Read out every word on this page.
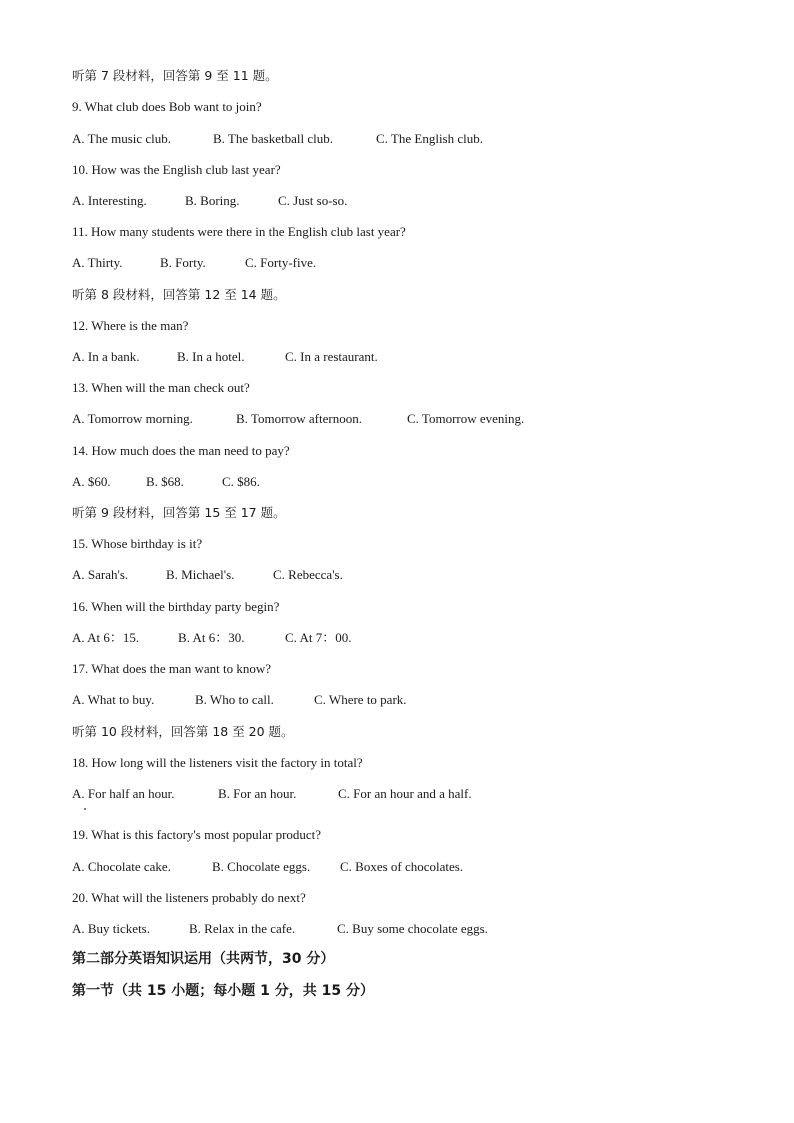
听第 7 段材料，回答第 9 至 11 题。
9. What club does Bob want to join?
A. The music club.	B. The basketball club.	C. The English club.
10. How was the English club last year?
A. Interesting.	B. Boring.	C. Just so-so.
11. How many students were there in the English club last year?
A. Thirty.	B. Forty.	C. Forty-five.
听第 8 段材料，回答第 12 至 14 题。
12. Where is the man?
A. In a bank.	B. In a hotel.	C. In a restaurant.
13. When will the man check out?
A. Tomorrow morning.	B. Tomorrow afternoon.	C. Tomorrow evening.
14. How much does the man need to pay?
A. $60.	B. $68.	C. $86.
听第 9 段材料，回答第 15 至 17 题。
15. Whose birthday is it?
A. Sarah's.	B. Michael's.	C. Rebecca's.
16. When will the birthday party begin?
A. At 6：15.	B. At 6：30.	C. At 7：00.
17. What does the man want to know?
A. What to buy.	B. Who to call.	C. Where to park.
听第 10 段材料，回答第 18 至 20 题。
18. How long will the listeners visit the factory in total?
A. For half an hour.	B. For an hour.	C. For an hour and a half.
19. What is this factory's most popular product?
A. Chocolate cake.	B. Chocolate eggs. C. Boxes of chocolates.
20. What will the listeners probably do next?
A. Buy tickets.	B. Relax in the cafe.	C. Buy some chocolate eggs.
第二部分英语知识运用（共两节，30 分）
第一节（共 15 小题；每小题 1 分，共 15 分）
